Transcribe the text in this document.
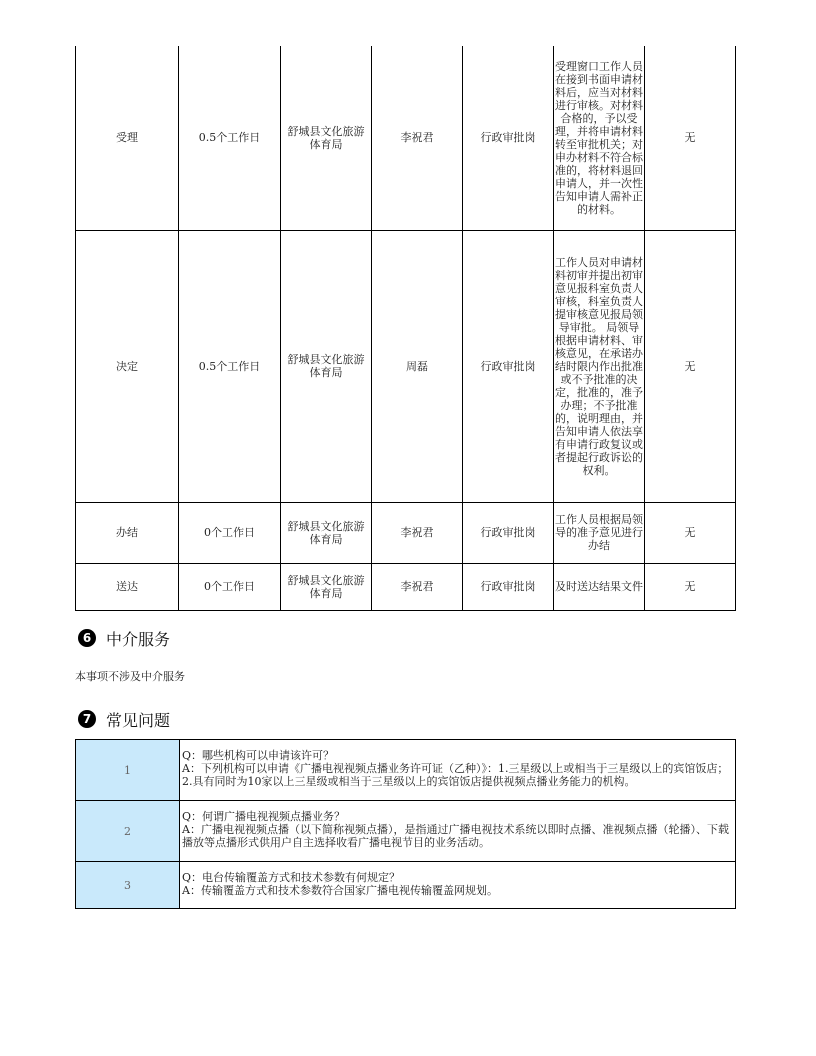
受理	0.5个工作日	舒城县文化旅游体育局	李祝君	行政审批岗	受理窗口工作人员在接到书面申请材料后，应当对材料进行审核。对材料合格的，予以受理，并将申请材料转至审批机关；对申办材料不符合标准的，将材料退回申请人，并一次性告知申请人需补正的材料。	无
决定	0.5个工作日	舒城县文化旅游体育局	周磊	行政审批岗	工作人员对申请材料初审并提出初审意见报科室负责人审核，科室负责人提审核意见报局领导审批。 局领导根据申请材料、审核意见，在承诺办结时限内作出批准或不予批准的决定，批准的，准予办理；不予批准的，说明理由，并告知申请人依法享有申请行政复议或者提起行政诉讼的权利。	无
办结	0个工作日	舒城县文化旅游体育局	李祝君	行政审批岗	工作人员根据局领导的准予意见进行办结	无
送达	0个工作日	舒城县文化旅游体育局	李祝君	行政审批岗	及时送达结果文件	无
6 中介服务
本事项不涉及中介服务
7 常见问题
1	Q：哪些机构可以申请该许可？
A：下列机构可以申请《广播电视视频点播业务许可证（乙种）》：1.三星级以上或相当于三星级以上的宾馆饭店；2.具有同时为10家以上三星级或相当于三星级以上的宾馆饭店提供视频点播业务能力的机构。

2	Q：何谓广播电视视频点播业务？
A：广播电视视频点播（以下简称视频点播），是指通过广播电视技术系统以即时点播、准视频点播（轮播）、下载播放等点播形式供用户自主选择收看广播电视节目的业务活动。

3	Q：电台传输覆盖方式和技术参数有何规定？
A：传输覆盖方式和技术参数符合国家广播电视传输覆盖网规划。
